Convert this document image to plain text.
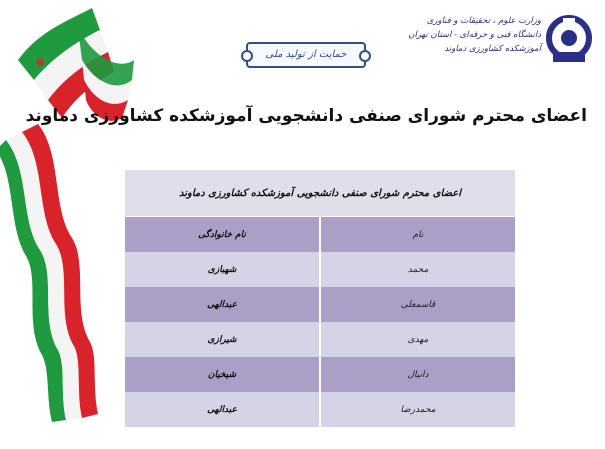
وزارت علوم ، تحقیقات و فناوری
دانشگاه فنی و حرفه‌ای - استان تهران
آموزشکده کشاورزی دماوند
حمایت از تولید ملی
اعضای محترم شورای صنفی دانشجویی آموزشکده کشاورزی دماوند
اعضای محترم شورای صنفی دانشجویی آموزشکده کشاورزی دماوند	
نام	نام خانوادگی
محمد	شهبازی
قاسمعلی	عبدالهی
مهدی	شیرازی
دانیال	شیخیان
محمدرضا	عبدالهی
